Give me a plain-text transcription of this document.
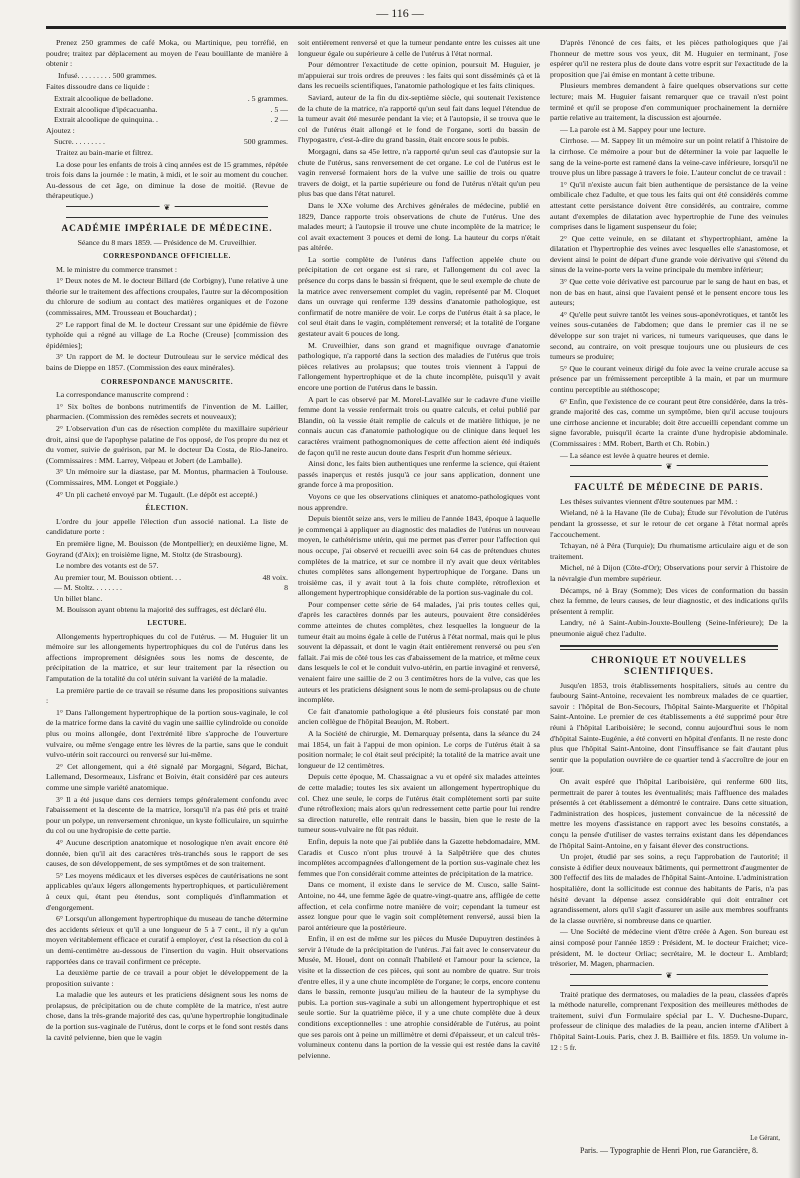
— 116 —

Prenez 250 grammes de café Moka, ou Martinique, peu torréfié, en poudre; traitez par déplacement au moyen de l'eau bouillante de manière à obtenir :

Infusé. . . . . . . . . 500 grammes.

Faites dissoudre dans ce liquide :

Extrait alcoolique de belladone.	. 5 grammes.
Extrait alcoolique d'ipécacuanha.	. 5 —
Extrait alcoolique de quinquina. .	. 2 —

Ajoutez :

Sucre. . . . . . . . .	500 grammes.

Traitez au bain-marie et filtrez.

La dose pour les enfants de trois à cinq années est de 15 grammes, répétée trois fois dans la journée : le matin, à midi, et le soir au moment du coucher. Au-dessous de cet âge, on diminue la dose de moitié. (Revue de thérapeutique.)

❦
ACADÉMIE IMPÉRIALE DE MÉDECINE.

Séance du 8 mars 1859. — Présidence de M. Cruveilhier.

CORRESPONDANCE OFFICIELLE.

M. le ministre du commerce transmet :

1° Deux notes de M. le docteur Billard (de Corbigny), l'une relative à une théorie sur le traitement des affections croupales, l'autre sur la décomposition du chlorure de sodium au contact des matières organiques et de l'ozone (commissaires, MM. Trousseau et Bouchardat) ;

2° Le rapport final de M. le docteur Cressant sur une épidémie de fièvre typhoïde qui a régné au village de La Roche (Creuse) [commission des épidémies];

3° Un rapport de M. le docteur Dutrouleau sur le service médical des bains de Dieppe en 1857. (Commission des eaux minérales).

CORRESPONDANCE MANUSCRITE.

La correspondance manuscrite comprend :

1° Six boîtes de bonbons nutrimentifs de l'invention de M. Lailler, pharmacien. (Commission des remèdes secrets et nouveaux);

2° L'observation d'un cas de résection complète du maxillaire supérieur droit, ainsi que de l'apophyse palatine de l'os opposé, de l'os propre du nez et du vomer, suivie de guérison, par M. le docteur Da Costa, de Rio-Janeiro. (Commissaires : MM. Larrey, Velpeau et Jobert (de Lamballe).

3° Un mémoire sur la diastase, par M. Montus, pharmacien à Toulouse. (Commissaires, MM. Longet et Poggiale.)

4° Un pli cacheté envoyé par M. Tugault. (Le dépôt est accepté.)

ÉLECTION.

L'ordre du jour appelle l'élection d'un associé national. La liste de candidature porte :

En première ligne, M. Bouisson (de Montpellier); en deuxième ligne, M. Goyrand (d'Aix); en troisième ligne, M. Stoltz (de Strasbourg).

Le nombre des votants est de 57.

Au premier tour, M. Bouisson obtient. . .	48 voix.
— M. Stoltz. . . . . . . .	8
Un billet blanc.

M. Bouisson ayant obtenu la majorité des suffrages, est déclaré élu.

LECTURE.

Allongements hypertrophiques du col de l'utérus. — M. Huguier lit un mémoire sur les allongements hypertrophiques du col de l'utérus dans les affections improprement désignées sous les noms de descente, de précipitation de la matrice, et sur leur traitement par la résection ou l'amputation de la totalité du col utérin suivant la variété de la maladie.

La première partie de ce travail se résume dans les propositions suivantes :

1° Dans l'allongement hypertrophique de la portion sous-vaginale, le col de la matrice forme dans la cavité du vagin une saillie cylindroïde ou conoïde plus ou moins allongée, dont l'extrémité libre s'approche de l'ouverture vulvaire, ou même s'engage entre les lèvres de la partie, sans que le conduit vulvo-utérin soit raccourci ou renversé sur lui-même.

2° Cet allongement, qui a été signalé par Morgagni, Ségard, Bichat, Lallemand, Desormeaux, Lisfranc et Boivin, était considéré par ces auteurs comme une simple variété anatomique.

3° Il a été jusque dans ces derniers temps généralement confondu avec l'abaissement et la descente de la matrice, lorsqu'il n'a pas été pris et traité pour un polype, un renversement chronique, un kyste folliculaire, un squirrhe du col ou une hydropisie de cette partie.

4° Aucune description anatomique et nosologique n'en avait encore été donnée, bien qu'il ait des caractères très-tranchés sous le rapport de ses causes, de son développement, de ses symptômes et de son traitement.

5° Les moyens médicaux et les diverses espèces de cautérisations ne sont applicables qu'aux légers allongements hypertrophiques, et particulièrement à ceux qui, étant peu étendus, sont compliqués d'inflammation et d'engorgement.

6° Lorsqu'un allongement hypertrophique du museau de tanche détermine des accidents sérieux et qu'il a une longueur de 5 à 7 cent., il n'y a qu'un moyen véritablement efficace et curatif à employer, c'est la résection du col à un demi-centimètre au-dessous de l'insertion du vagin. Huit observations rapportées dans ce travail confirment ce précepte.

La deuxième partie de ce travail a pour objet le développement de la proposition suivante :

La maladie que les auteurs et les praticiens désignent sous les noms de prolapsus, de précipitation ou de chute complète de la matrice, n'est autre chose, dans la très-grande majorité des cas, qu'une hypertrophie longitudinale de la portion sus-vaginale de l'utérus, dont le corps et le fond sont restés dans la cavité pelvienne, bien que le vagin

soit entièrement renversé et que la tumeur pendante entre les cuisses ait une longueur égale ou supérieure à celle de l'utérus à l'état normal.

Pour démontrer l'exactitude de cette opinion, poursuit M. Huguier, je m'appuierai sur trois ordres de preuves : les faits qui sont disséminés çà et là dans les recueils scientifiques, l'anatomie pathologique et les faits cliniques.

Saviard, auteur de la fin du dix-septième siècle, qui soutenait l'existence de la chute de la matrice, n'a rapporté qu'un seul fait dans lequel l'étendue de la tumeur avait été mesurée pendant la vie; et à l'autopsie, il se trouva que le col de l'utérus était allongé et le fond de l'organe, sorti du bassin de l'hypogastre, c'est-à-dire du grand bassin, était encore sous le pubis.

Morgagni, dans sa 45e lettre, n'a rapporté qu'un seul cas d'autopsie sur la chute de l'utérus, sans renversement de cet organe. Le col de l'utérus est le vagin renversé formaient hors de la vulve une saillie de trois ou quatre travers de doigt, et la partie supérieure ou fond de l'utérus n'était qu'un peu plus bas que dans l'état naturel.

Dans le XXe volume des Archives générales de médecine, publié en 1829, Dance rapporte trois observations de chute de l'utérus. Une des malades meurt; à l'autopsie il trouve une chute incomplète de la matrice; le col avait exactement 3 pouces et demi de long. La hauteur du corps n'était pas altérée.

La sortie complète de l'utérus dans l'affection appelée chute ou précipitation de cet organe est si rare, et l'allongement du col avec la présence du corps dans le bassin si fréquent, que le seul exemple de chute de la matrice avec renversement complet du vagin, représenté par M. Cloquet dans un ouvrage qui renferme 139 dessins d'anatomie pathologique, est confirmatif de notre manière de voir. Le corps de l'utérus était à sa place, le col seul était dans le vagin, complétement renversé; et la totalité de l'organe gestateur avait 6 pouces de long.

M. Cruveilhier, dans son grand et magnifique ouvrage d'anatomie pathologique, n'a rapporté dans la section des maladies de l'utérus que trois pièces relatives au prolapsus; que toutes trois viennent à l'appui de l'allongement hypertrophique et de la chute incomplète, puisqu'il y avait encore une portion de l'utérus dans le bassin.

A part le cas observé par M. Morel-Lavallée sur le cadavre d'une vieille femme dont la vessie renfermait trois ou quatre calculs, et celui publié par Blandin, où la vessie était remplie de calculs et de matière lithique, je ne connais aucun cas d'anatomie pathologique ou de clinique dans lequel les caractères vraiment pathognomoniques de cette affection aient été indiqués de façon qu'il ne reste aucun doute dans l'esprit d'un homme sérieux.

Ainsi donc, les faits bien authentiques une renferme la science, qui étaient passés inaperçus et restés jusqu'à ce jour sans application, donnent une grande force à ma proposition.

Voyons ce que les observations cliniques et anatomo-pathologiques vont nous apprendre.

Depuis bientôt seize ans, vers le milieu de l'année 1843, époque à laquelle je commençai à appliquer au diagnostic des maladies de l'utérus un nouveau moyen, le cathétérisme utérin, qui me permet pas d'errer pour l'affection qui nous occupe, j'ai observé et recueilli avec soin 64 cas de prétendues chutes complètes de la matrice, et sur ce nombre il n'y avait que deux véritables chutes complètes sans allongement hypertrophique de l'organe. Dans un troisième cas, il y avait tout à la fois chute complète, rétroflexion et allongement hypertrophique considérable de la portion sus-vaginale du col.

Pour compenser cette série de 64 malades, j'ai pris toutes celles qui, d'après les caractères donnés par les auteurs, pouvaient être considérées comme atteintes de chutes complètes, chez lesquelles la longueur de la tumeur était au moins égale à celle de l'utérus à l'état normal, mais qui le plus souvent la dépassait, et dont le vagin était entièrement renversé ou peu s'en fallait. J'ai mis de côté tous les cas d'abaissement de la matrice, et même ceux dans lesquels le col et le conduit vulvo-utérin, en partie invaginé et renversé, venaient faire une saillie de 2 ou 3 centimètres hors de la vulve, cas que les auteurs et les praticiens désignent sous le nom de semi-prolapsus ou de chute incomplète.

Ce fait d'anatomie pathologique a été plusieurs fois constaté par mon ancien collègue de l'hôpital Beaujon, M. Robert.

A la Société de chirurgie, M. Demarquay présenta, dans la séance du 24 mai 1854, un fait à l'appui de mon opinion. Le corps de l'utérus était à sa position normale; le col était seul précipité; la totalité de la matrice avait une longueur de 12 centimètres.

Depuis cette époque, M. Chassaignac a vu et opéré six malades atteintes de cette maladie; toutes les six avaient un allongement hypertrophique du col. Chez une seule, le corps de l'utérus était complètement sorti par suite d'une rétroflexion; mais alors qu'un redressement cette partie pour lui rendre sa direction naturelle, elle rentrait dans le bassin, bien que le reste de la tumeur sous-vulvaire ne fût pas réduit.

Enfin, depuis la note que j'ai publiée dans la Gazette hebdomadaire, MM. Caradis et Cusco n'ont plus trouvé à la Salpêtrière que des chutes incomplètes accompagnées d'allongement de la portion sus-vaginale chez les femmes que l'on considérait comme atteintes de précipitation de la matrice.

Dans ce moment, il existe dans le service de M. Cusco, salle Saint-Antoine, no 44, une femme âgée de quatre-vingt-quatre ans, affligée de cette affection, et cela confirme notre manière de voir; cependant la tumeur est assez longue pour que le vagin soit complètement renversé, aussi bien la paroi antérieure que la postérieure.

Enfin, il en est de même sur les pièces du Musée Dupuytren destinées à servir à l'étude de la précipitation de l'utérus. J'ai fait avec le conservateur du Musée, M. Houel, dont on connaît l'habileté et l'amour pour la science, la visite et la dissection de ces pièces, qui sont au nombre de quatre. Sur trois d'entre elles, il y a une chute incomplète de l'organe; le corps, encore contenu dans le bassin, remonte jusqu'au milieu de la hauteur de la symphyse du pubis. La portion sus-vaginale a subi un allongement hypertrophique et est seule sortie. Sur la quatrième pièce, il y a une chute complète due à deux conditions exceptionnelles : une atrophie considérable de l'utérus, au point que ses parois ont à peine un millimètre et demi d'épaisseur, et un calcul très-volumineux contenu dans la portion de la vessie qui est restée dans la cavité pelvienne.

D'après l'énoncé de ces faits, et les pièces pathologiques que j'ai l'honneur de mettre sous vos yeux, dit M. Huguier en terminant, j'ose espérer qu'il ne restera plus de doute dans votre esprit sur l'exactitude de la proposition que j'ai émise en montant à cette tribune.

Plusieurs membres demandent à faire quelques observations sur cette lecture; mais M. Huguier faisant remarquer que ce travail n'est point terminé et qu'il se propose d'en communiquer prochainement la dernière partie relative au traitement, la discussion est ajournée.

— La parole est à M. Sappey pour une lecture.

Cirrhose. — M. Sappey lit un mémoire sur un point relatif à l'histoire de la cirrhose. Ce mémoire a pour but de déterminer la voie par laquelle le sang de la veine-porte est ramené dans la veine-cave inférieure, lorsqu'il ne trouve plus un libre passage à travers le foie. L'auteur conclut de ce travail :

1° Qu'il n'existe aucun fait bien authentique de persistance de la veine ombilicale chez l'adulte, et que tous les faits qui ont été considérés comme attestant cette persistance doivent être considérés, au contraire, comme autant d'exemples de dilatation avec hypertrophie de l'une des veinules comprises dans le ligament suspenseur du foie;

2° Que cette veinule, en se dilatant et s'hypertrophiant, amène la dilatation et l'hypertrophie des veines avec lesquelles elle s'anastomose, et devient ainsi le point de départ d'une grande voie dérivative qui s'étend du sinus de la veine-porte vers la veine principale du membre inférieur;

3° Que cette voie dérivative est parcourue par le sang de haut en bas, et non de bas en haut, ainsi que l'avaient pensé et le pensent encore tous les auteurs;

4° Qu'elle peut suivre tantôt les veines sous-aponévrotiques, et tantôt les veines sous-cutanées de l'abdomen; que dans le premier cas il ne se développe sur son trajet ni varices, ni tumeurs variqueuses, que dans le second, au contraire, on voit presque toujours une ou plusieurs de ces tumeurs se produire;

5° Que le courant veineux dirigé du foie avec la veine crurale accuse sa présence par un frémissement perceptible à la main, et par un murmure continu perceptible au stéthoscope;

6° Enfin, que l'existence de ce courant peut être considérée, dans la très-grande majorité des cas, comme un symptôme, bien qu'il accuse toujours une cirrhose ancienne et incurable; doit être accueilli cependant comme un signe favorable, puisqu'il écarte la crainte d'une hydropisie abdominale. (Commissaires : MM. Robert, Barth et Ch. Robin.)

— La séance est levée à quatre heures et demie.

❦
FACULTÉ DE MÉDECINE DE PARIS.

Les thèses suivantes viennent d'être soutenues par MM. :

Wieland, né à la Havane (île de Cuba); Étude sur l'évolution de l'utérus pendant la grossesse, et sur le retour de cet organe à l'état normal après l'accouchement.

Tchayan, né à Péra (Turquie); Du rhumatisme articulaire aigu et de son traitement.

Michel, né à Dijon (Côte-d'Or); Observations pour servir à l'histoire de la névralgie d'un membre supérieur.

Décamps, né à Bray (Somme); Des vices de conformation du bassin chez la femme, de leurs causes, de leur diagnostic, et des indications qu'ils présentent à remplir.

Landry, né à Saint-Aubin-Jouxte-Boulleng (Seine-Inférieure); De la pneumonie aiguë chez l'adulte.

CHRONIQUE ET NOUVELLES SCIENTIFIQUES.

Jusqu'en 1853, trois établissements hospitaliers, situés au centre du faubourg Saint-Antoine, recevaient les nombreux malades de ce quartier, savoir : l'hôpital de Bon-Secours, l'hôpital Sainte-Marguerite et l'hôpital Saint-Antoine. Le premier de ces établissements a été supprimé pour être réuni à l'hôpital Lariboisière; le second, connu aujourd'hui sous le nom d'hôpital Sainte-Eugénie, a été converti en hôpital d'enfants. Il ne reste donc plus que l'hôpital Saint-Antoine, dont l'insuffisance se fait d'autant plus sentir que la population ouvrière de ce quartier tend à s'accroître de jour en jour.

On avait espéré que l'hôpital Lariboisière, qui renferme 600 lits, permettrait de parer à toutes les éventualités; mais l'affluence des malades présentés à cet établissement a démontré le contraire. Dans cette situation, l'administration des hospices, justement convaincue de la nécessité de mettre les moyens d'assistance en rapport avec les besoins constatés, a conçu la pensée d'utiliser de vastes terrains existant dans les dépendances de l'hôpital Saint-Antoine, en y faisant élever des constructions.

Un projet, étudié par ses soins, a reçu l'approbation de l'autorité; il consiste à édifier deux nouveaux bâtiments, qui permettront d'augmenter de 300 l'effectif des lits de malades de l'hôpital Saint-Antoine. L'administration hospitalière, dont la sollicitude est connue des habitants de Paris, n'a pas hésité devant la dépense assez considérable qui doit entraîner cet agrandissement, alors qu'il s'agit d'assurer un asile aux membres souffrants de la classe ouvrière, si nombreuse dans ce quartier.

— Une Société de médecine vient d'être créée à Agen. Son bureau est ainsi composé pour l'année 1859 : Président, M. le docteur Fraichet; vice-président, M. le docteur Orliac; secrétaire, M. le docteur L. Amblard; trésorier, M. Magen, pharmacien.

❦

Traité pratique des dermatoses, ou maladies de la peau, classées d'après la méthode naturelle, comprenant l'exposition des meilleures méthodes de traitement, suivi d'un Formulaire spécial par L. V. Duchesne-Duparc, professeur de clinique des maladies de la peau, ancien interne d'Alibert à l'hôpital Saint-Louis. Paris, chez J. B. Baillière et fils. 1859. Un volume in-12 : 5 fr.

Le Gérant,
Paris. — Typographie de Henri Plon, rue Garancière, 8.
